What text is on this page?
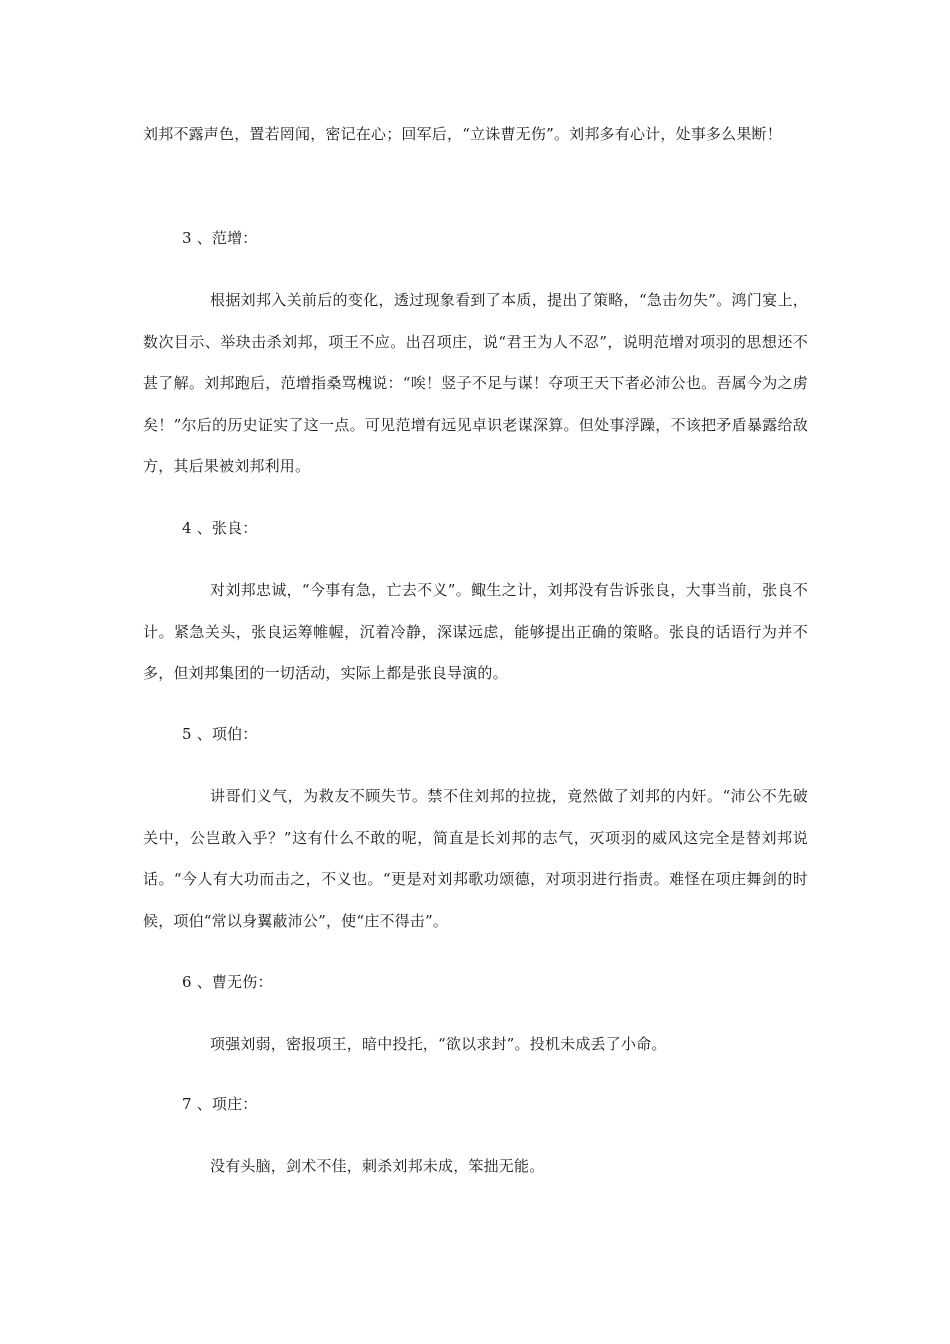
刘邦不露声色，置若罔闻，密记在心；回军后，“立诛曹无伤”。刘邦多有心计，处事多么果断！

3 、范增：

根据刘邦入关前后的变化，透过现象看到了本质，提出了策略，“急击勿失”。鸿门宴上，数次目示、举玦击杀刘邦，项王不应。出召项庄，说“君王为人不忍”，说明范增对项羽的思想还不甚了解。刘邦跑后，范增指桑骂槐说：“唉！竖子不足与谋！夺项王天下者必沛公也。吾属今为之虏矣！”尔后的历史证实了这一点。可见范增有远见卓识老谋深算。但处事浮躁，不该把矛盾暴露给敌方，其后果被刘邦利用。

4 、张良：

对刘邦忠诚，“今事有急，亡去不义”。鲰生之计，刘邦没有告诉张良，大事当前，张良不计。紧急关头，张良运筹帷幄，沉着冷静，深谋远虑，能够提出正确的策略。张良的话语行为并不多，但刘邦集团的一切活动，实际上都是张良导演的。

5 、项伯：

讲哥们义气，为救友不顾失节。禁不住刘邦的拉拢，竟然做了刘邦的内奸。“沛公不先破关中，公岂敢入乎？”这有什么不敢的呢，简直是长刘邦的志气，灭项羽的威风这完全是替刘邦说话。“今人有大功而击之，不义也。“更是对刘邦歌功颂德，对项羽进行指责。难怪在项庄舞剑的时候，项伯“常以身翼蔽沛公”，使“庄不得击”。

6 、曹无伤：

项强刘弱，密报项王，暗中投托，“欲以求封”。投机未成丢了小命。

7 、项庄：

没有头脑，剑术不佳，刺杀刘邦未成，笨拙无能。
